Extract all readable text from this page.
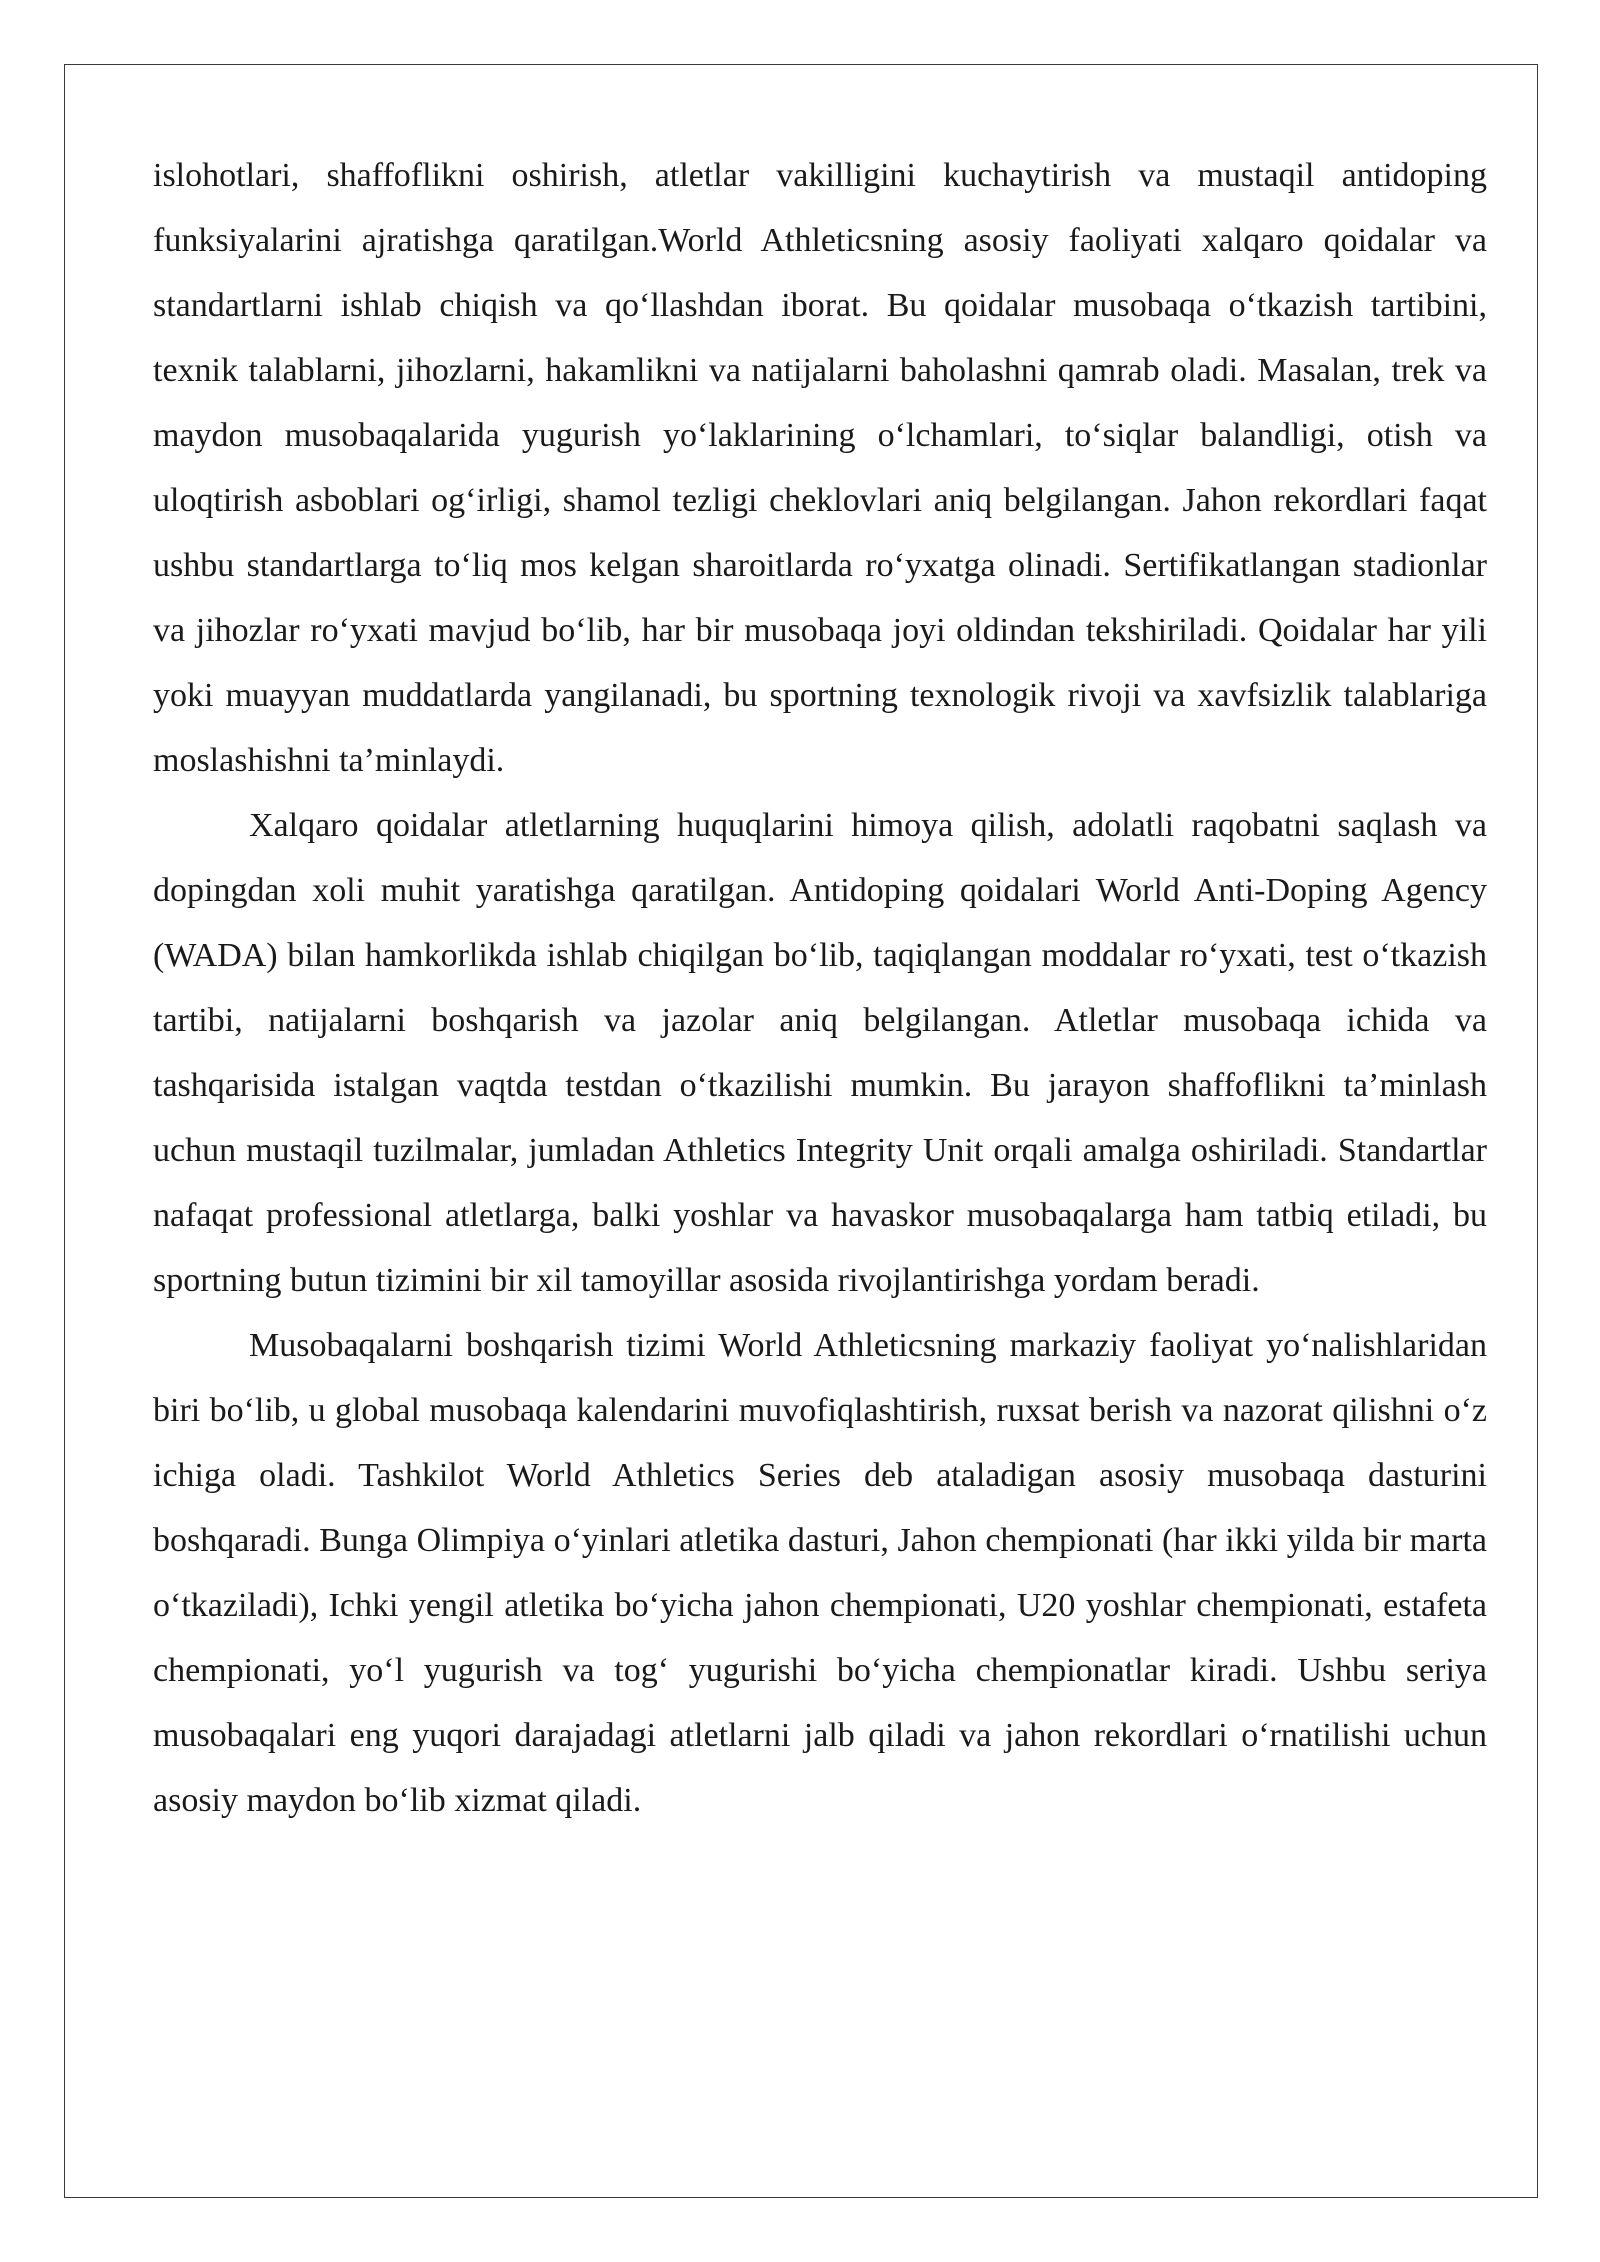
islohotlari, shaffoflikni oshirish, atletlar vakilligini kuchaytirish va mustaqil antidoping funksiyalarini ajratishga qaratilgan.World Athleticsning asosiy faoliyati xalqaro qoidalar va standartlarni ishlab chiqish va qo‘llashdan iborat. Bu qoidalar musobaqa o‘tkazish tartibini, texnik talablarni, jihozlarni, hakamlikni va natijalarni baholashni qamrab oladi. Masalan, trek va maydon musobaqalarida yugurish yo‘laklarining o‘lchamlari, to‘siqlar balandligi, otish va uloqtirish asboblari og‘irligi, shamol tezligi cheklovlari aniq belgilangan. Jahon rekordlari faqat ushbu standartlarga to‘liq mos kelgan sharoitlarda ro‘yxatga olinadi. Sertifikatlangan stadionlar va jihozlar ro‘yxati mavjud bo‘lib, har bir musobaqa joyi oldindan tekshiriladi. Qoidalar har yili yoki muayyan muddatlarda yangilanadi, bu sportning texnologik rivoji va xavfsizlik talablariga moslashishni ta’minlaydi.

Xalqaro qoidalar atletlarning huquqlarini himoya qilish, adolatli raqobatni saqlash va dopingdan xoli muhit yaratishga qaratilgan. Antidoping qoidalari World Anti-Doping Agency (WADA) bilan hamkorlikda ishlab chiqilgan bo‘lib, taqiqlangan moddalar ro‘yxati, test o‘tkazish tartibi, natijalarni boshqarish va jazolar aniq belgilangan. Atletlar musobaqa ichida va tashqarisida istalgan vaqtda testdan o‘tkazilishi mumkin. Bu jarayon shaffoflikni ta’minlash uchun mustaqil tuzilmalar, jumladan Athletics Integrity Unit orqali amalga oshiriladi. Standartlar nafaqat professional atletlarga, balki yoshlar va havaskor musobaqalarga ham tatbiq etiladi, bu sportning butun tizimini bir xil tamoyillar asosida rivojlantirishga yordam beradi.

Musobaqalarni boshqarish tizimi World Athleticsning markaziy faoliyat yo‘nalishlaridan biri bo‘lib, u global musobaqa kalendarini muvofiqlashtirish, ruxsat berish va nazorat qilishni o‘z ichiga oladi. Tashkilot World Athletics Series deb ataladigan asosiy musobaqa dasturini boshqaradi. Bunga Olimpiya o‘yinlari atletika dasturi, Jahon chempionati (har ikki yilda bir marta o‘tkaziladi), Ichki yengil atletika bo‘yicha jahon chempionati, U20 yoshlar chempionati, estafeta chempionati, yo‘l yugurish va tog‘ yugurishi bo‘yicha chempionatlar kiradi. Ushbu seriya musobaqalari eng yuqori darajadagi atletlarni jalb qiladi va jahon rekordlari o‘rnatilishi uchun asosiy maydon bo‘lib xizmat qiladi.
